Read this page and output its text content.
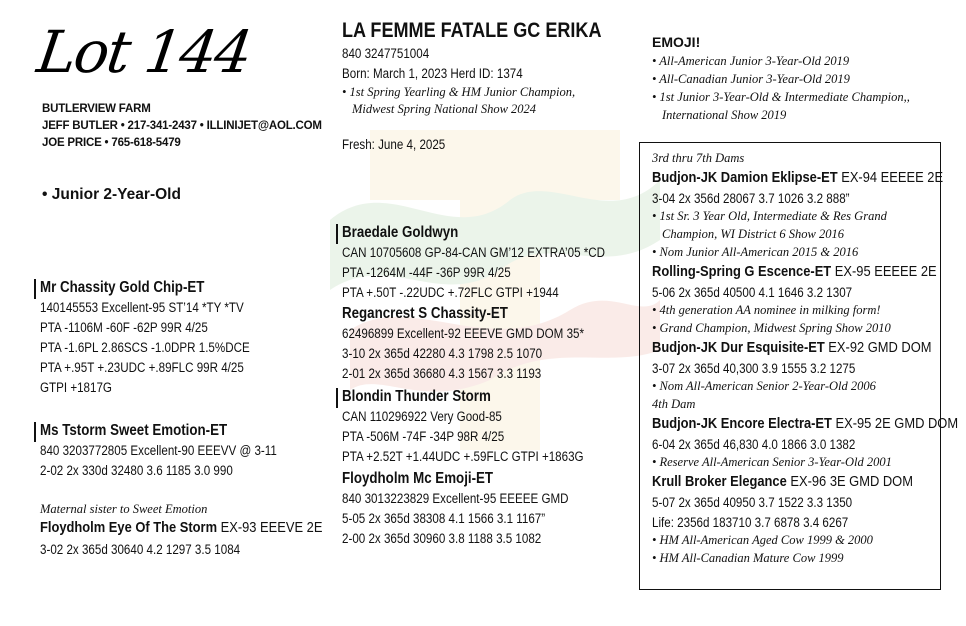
Lot 144
BUTLERVIEW FARM
JEFF BUTLER • 217-341-2437 • ILLINIJET@AOL.COM
JOE PRICE • 765-618-5479
• Junior 2-Year-Old
Mr Chassity Gold Chip-ET
140145553 Excellent-95 ST’14 *TY *TV
PTA -1106M -60F -62P 99R 4/25
PTA -1.6PL 2.86SCS -1.0DPR 1.5%DCE
PTA +.95T +.23UDC +.89FLC 99R 4/25
GTPI +1817G
Ms Tstorm Sweet Emotion-ET
840 3203772805 Excellent-90 EEEVV @ 3-11
2-02 2x 330d 32480 3.6 1185 3.0 990
Maternal sister to Sweet Emotion
Floydholm Eye Of The Storm EX-93 EEEVE 2E
3-02 2x 365d 30640 4.2 1297 3.5 1084
LA FEMME FATALE GC ERIKA
840 3247751004
Born: March 1, 2023 Herd ID: 1374
• 1st Spring Yearling & HM Junior Champion,
Midwest Spring National Show 2024
Fresh: June 4, 2025
Braedale Goldwyn
CAN 10705608 GP-84-CAN GM’12 EXTRA’05 *CD
PTA -1264M -44F -36P 99R 4/25
PTA +.50T -.22UDC +.72FLC GTPI +1944
Regancrest S Chassity-ET
62496899 Excellent-92 EEEVE GMD DOM 35*
3-10 2x 365d 42280 4.3 1798 2.5 1070
2-01 2x 365d 36680 4.3 1567 3.3 1193
Blondin Thunder Storm
CAN 110296922 Very Good-85
PTA -506M -74F -34P 98R 4/25
PTA +2.52T +1.44UDC +.59FLC GTPI +1863G
Floydholm Mc Emoji-ET
840 3013223829 Excellent-95 EEEEE GMD
5-05 2x 365d 38308 4.1 1566 3.1 1167”
2-00 2x 365d 30960 3.8 1188 3.5 1082
EMOJI!
• All-American Junior 3-Year-Old 2019
• All-Canadian Junior 3-Year-Old 2019
• 1st Junior 3-Year-Old & Intermediate Champion,,
International Show 2019
3rd thru 7th Dams
Budjon-JK Damion Eklipse-ET EX-94 EEEEE 2E
3-04 2x 356d 28067 3.7 1026 3.2 888”
• 1st Sr. 3 Year Old, Intermediate & Res Grand
Champion, WI District 6 Show 2016
• Nom Junior All-American 2015 & 2016
Rolling-Spring G Escence-ET EX-95 EEEEE 2E
5-06 2x 365d 40500 4.1 1646 3.2 1307
• 4th generation AA nominee in milking form!
• Grand Champion, Midwest Spring Show 2010
Budjon-JK Dur Esquisite-ET EX-92 GMD DOM
3-07 2x 365d 40,300 3.9 1555 3.2 1275
• Nom All-American Senior 2-Year-Old 2006
4th Dam
Budjon-JK Encore Electra-ET EX-95 2E GMD DOM
6-04 2x 365d 46,830 4.0 1866 3.0 1382
• Reserve All-American Senior 3-Year-Old 2001
Krull Broker Elegance EX-96 3E GMD DOM
5-07 2x 365d 40950 3.7 1522 3.3 1350
Life: 2356d 183710 3.7 6878 3.4 6267
• HM All-American Aged Cow 1999 & 2000
• HM All-Canadian Mature Cow 1999
